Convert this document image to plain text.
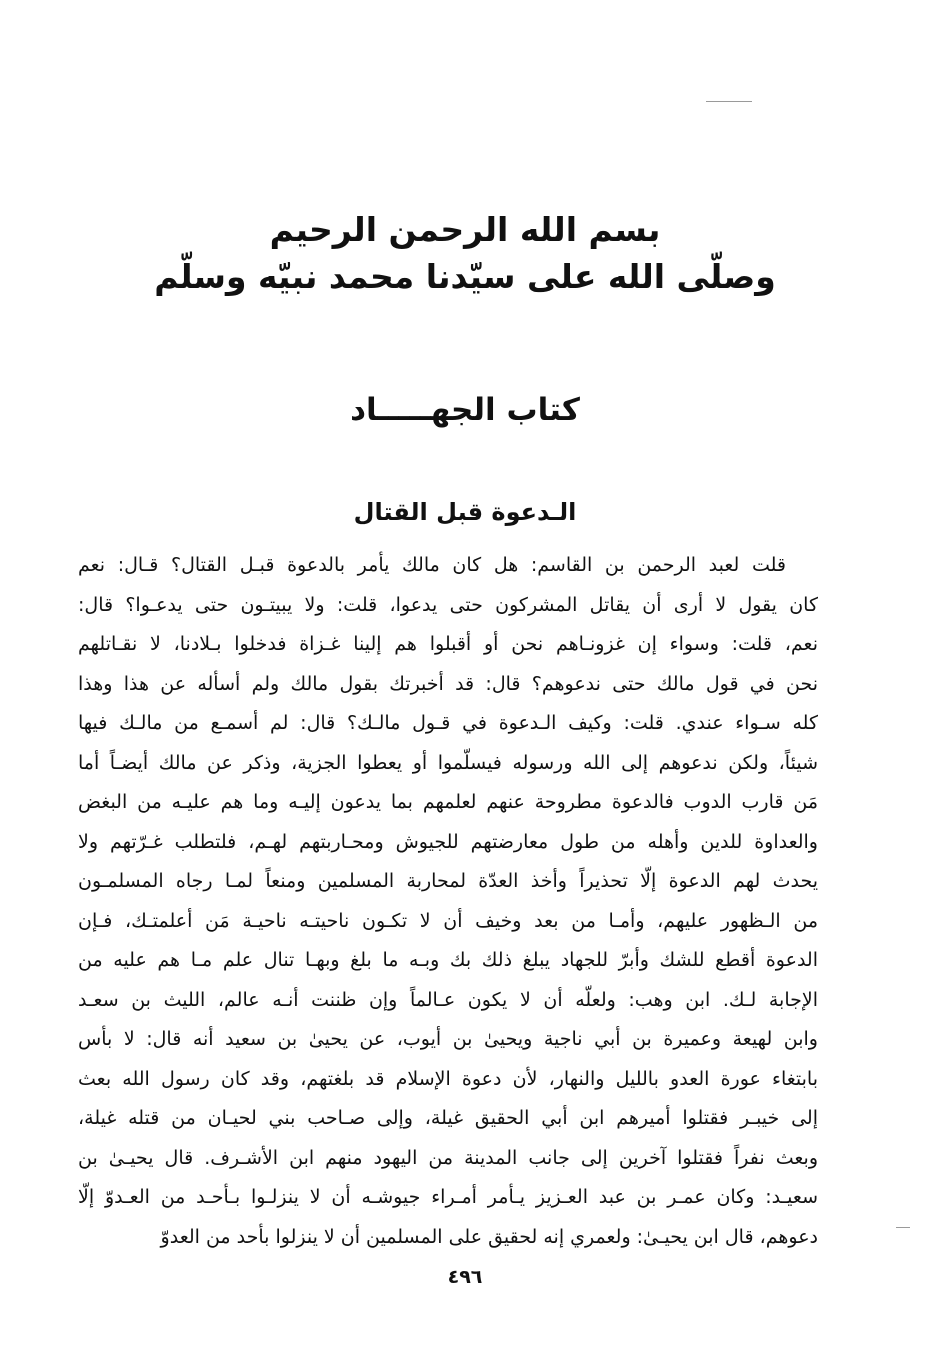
بسم الله الرحمن الرحيم
وصلّى الله على سيّدنا محمد نبيّه وسلّم
كتاب الجهـــــاد
الـدعوة قبل القتال
قلت لعبد الرحمن بن القاسم: هل كان مالك يأمر بالدعوة قبـل القتال؟ قـال: نعم
كان يقول لا أرى أن يقاتل المشركون حتى يدعوا، قلت: ولا يبيتـون حتى يدعـوا؟ قال:
نعم، قلت: وسواء إن غزونـاهم نحن أو أقبلوا هم إلينا غـزاة فدخلوا بـلادنا، لا نقـاتلهم
نحن في قول مالك حتى ندعوهم؟ قال: قد أخبرتك بقول مالك ولم أسأله عن هذا وهذا
كله سـواء عندي. قلت: وكيف الـدعوة في قـول مالـك؟ قال: لم أسمـع من مالـك فيها
شيئاً، ولكن ندعوهم إلى الله ورسوله فيسلّموا أو يعطوا الجزية، وذكر عن مالك أيضـاً أما
مَن قارب الدوب فالدعوة مطروحة عنهم لعلمهم بما يدعون إليـه وما هم عليـه من البغض
والعداوة للدين وأهله من طول معارضتهم للجيوش ومحـاربتهم لهـم، فلتطلب غـرّتهم ولا
يحدث لهم الدعوة إلّا تحذيراً وأخذ العدّة لمحاربة المسلمين ومنعاً لمـا رجاه المسلمـون
من الـظهور عليهم، وأمـا من بعد وخيف أن لا تكـون ناحيتـه ناحيـة مَن أعلمتـك، فـإن
الدعوة أقطع للشك وأبرّ للجهاد يبلغ ذلك بك وبـه ما بلغ وبهـا تنال علم مـا هم عليه من
الإجابة لـك. ابن وهب: ولعلّه أن لا يكون عـالماً وإن ظننت أنـه عالم، الليث بن سعـد
وابن لهيعة وعميرة بن أبي ناجية ويحيىٰ بن أيوب، عن يحيىٰ بن سعيد أنه قال: لا بأس
بابتغاء عورة العدو بالليل والنهار، لأن دعوة الإسلام قد بلغتهم، وقد كان رسول الله بعث
إلى خيبـر فقتلوا أميرهم ابن أبي الحقيق غيلة، وإلى صـاحب بني لحيـان من قتله غيلة،
وبعث نفراً فقتلوا آخرين إلى جانب المدينة من اليهود منهم ابن الأشـرف. قال يحيـىٰ بن
سعيـد: وكان عمـر بن عبد العـزيز يـأمر أمـراء جيوشـه أن لا ينزلـوا بـأحـد من العـدوّ إلّا
دعوهم، قال ابن يحيـىٰ: ولعمري إنه لحقيق على المسلمين أن لا ينزلوا بأحد من العدوّ
٤٩٦
